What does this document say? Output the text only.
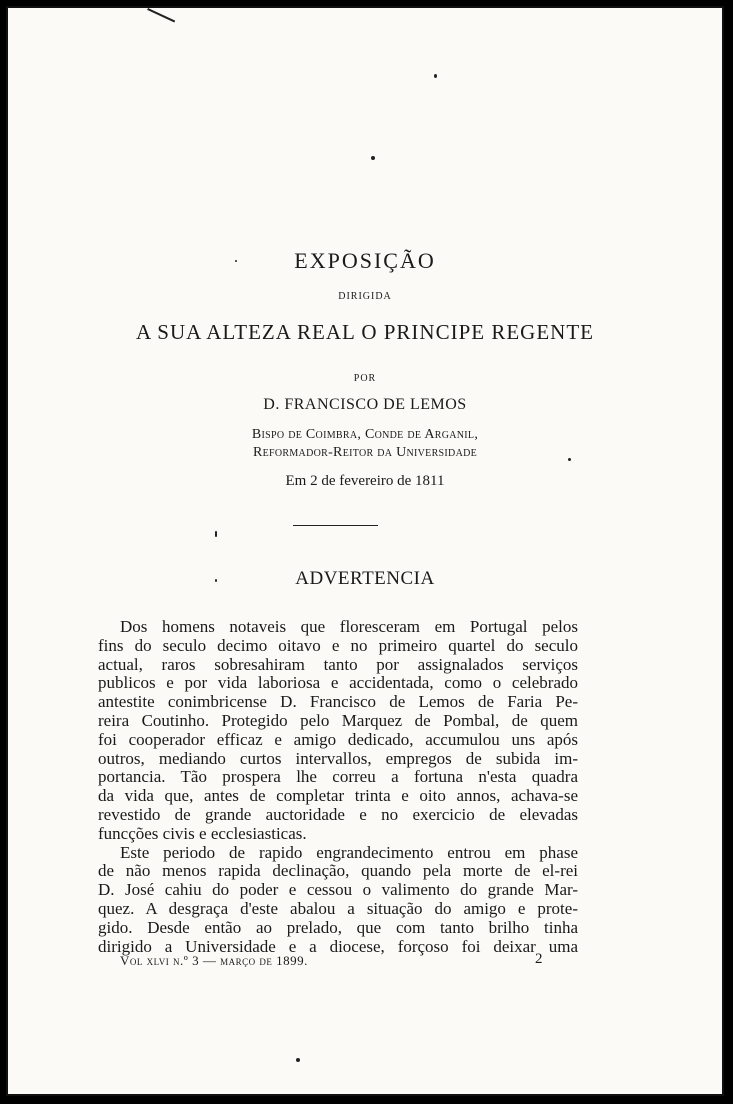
EXPOSIÇÃO
DIRIGIDA
A SUA ALTEZA REAL O PRINCIPE REGENTE
POR
D. FRANCISCO DE LEMOS
Bispo de Coimbra, Conde de Arganil,
Reformador-Reitor da Universidade
Em 2 de fevereiro de 1811
ADVERTENCIA
Dos homens notaveis que floresceram em Portugal pelos
fins do seculo decimo oitavo e no primeiro quartel do seculo
actual, raros sobresahiram tanto por assignalados serviços
publicos e por vida laboriosa e accidentada, como o celebrado
antestite conimbricense D. Francisco de Lemos de Faria Pe-
reira Coutinho. Protegido pelo Marquez de Pombal, de quem
foi cooperador efficaz e amigo dedicado, accumulou uns após
outros, mediando curtos intervallos, empregos de subida im-
portancia. Tão prospera lhe correu a fortuna n'esta quadra
da vida que, antes de completar trinta e oito annos, achava-se
revestido de grande auctoridade e no exercicio de elevadas
funcções civis e ecclesiasticas.
Este periodo de rapido engrandecimento entrou em phase
de não menos rapida declinação, quando pela morte de el-rei
D. José cahiu do poder e cessou o valimento do grande Mar-
quez. A desgraça d'este abalou a situação do amigo e prote-
gido. Desde então ao prelado, que com tanto brilho tinha
dirigido a Universidade e a diocese, forçoso foi deixar uma
Vol xlvi n.º 3 — março de 1899.	2
